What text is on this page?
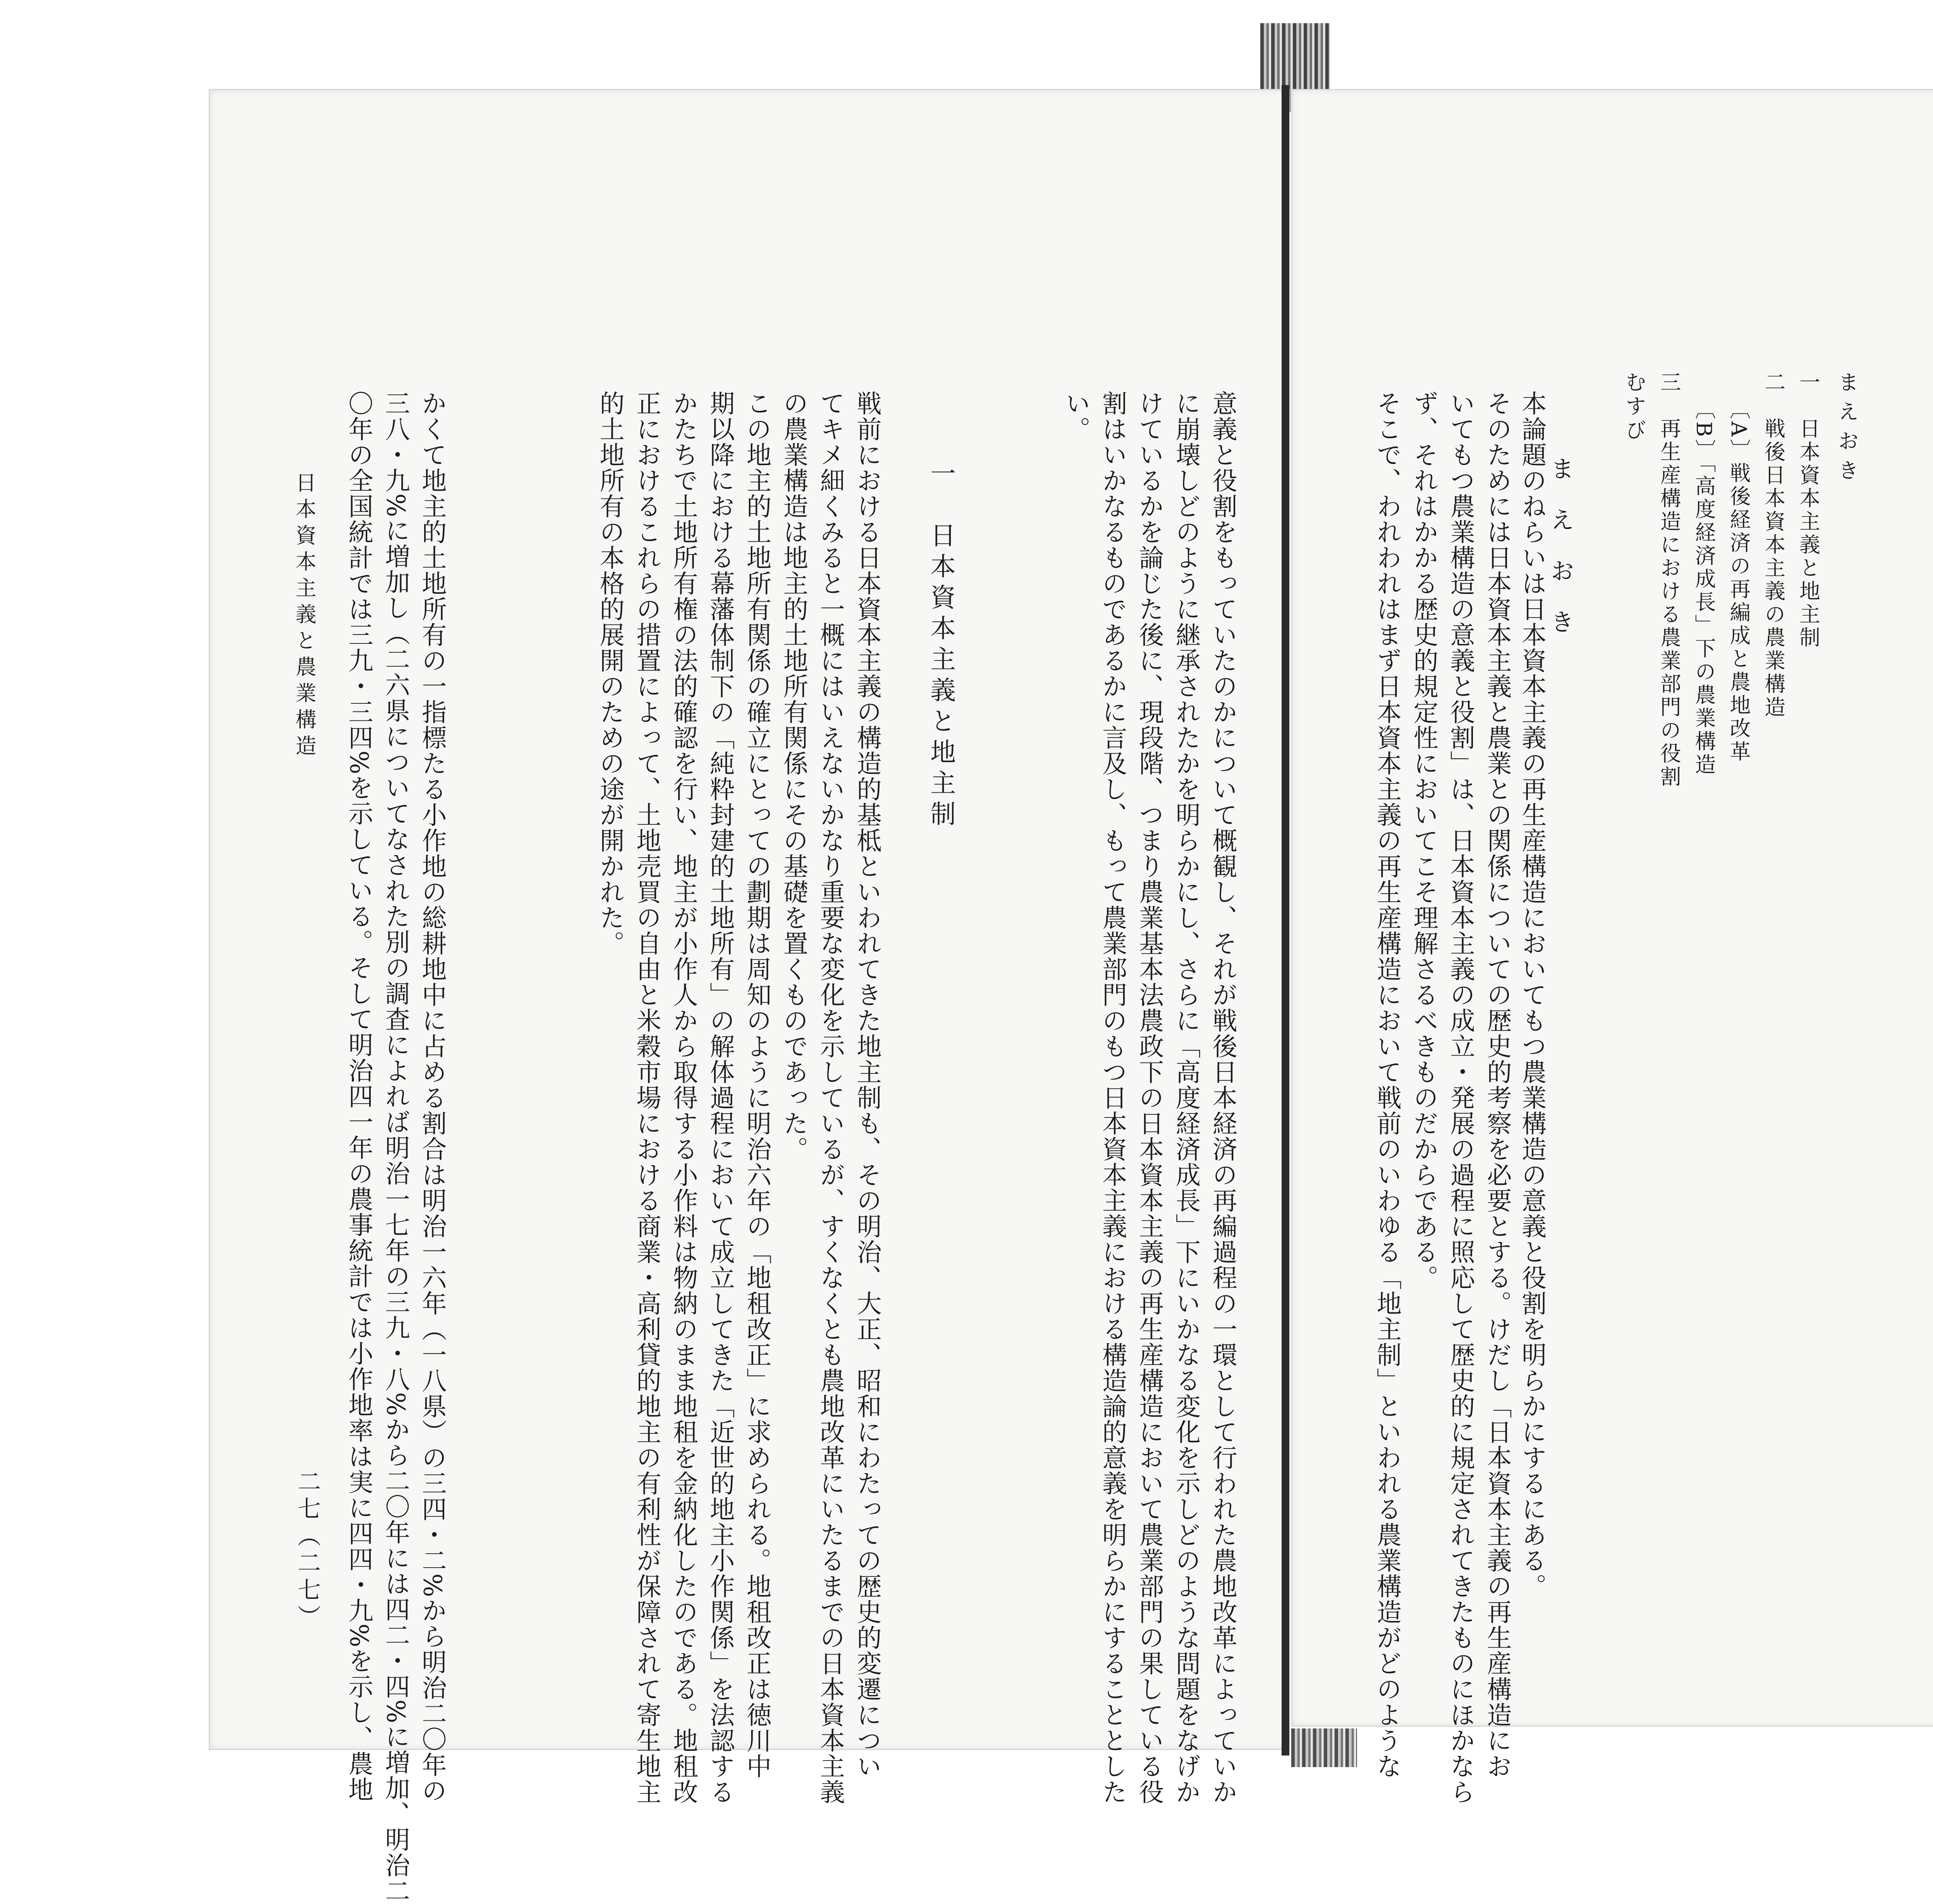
まえおき
一　日本資本主義と地主制
二　戦後日本資本主義の農業構造
〔A〕戦後経済の再編成と農地改革
〔B〕「高度経済成長」下の農業構造
三　再生産構造における農業部門の役割
むすび
まえおき
本論題のねらいは日本資本主義の再生産構造においてもつ農業構造の意義と役割を明らかにするにある。
そのためには日本資本主義と農業との関係についての歴史的考察を必要とする。けだし「日本資本主義の再生産構造にお
いてもつ農業構造の意義と役割」は、日本資本主義の成立・発展の過程に照応して歴史的に規定されてきたものにほかなら
ず、それはかかる歴史的規定性においてこそ理解さるべきものだからである。
そこで、われわれはまず日本資本主義の再生産構造において戦前のいわゆる「地主制」といわれる農業構造がどのような
意義と役割をもっていたのかについて概観し、それが戦後日本経済の再編過程の一環として行われた農地改革によっていか
に崩壊しどのように継承されたかを明らかにし、さらに「高度経済成長」下にいかなる変化を示しどのような問題をなげか
けているかを論じた後に、現段階、つまり農業基本法農政下の日本資本主義の再生産構造において農業部門の果している役
割はいかなるものであるかに言及し、もって農業部門のもつ日本資本主義における構造論的意義を明らかにすることとした
い。
一　日本資本主義と地主制
戦前における日本資本主義の構造的基柢といわれてきた地主制も、その明治、大正、昭和にわたっての歴史的変遷につい
てキメ細くみると一概にはいえないかなり重要な変化を示しているが、すくなくとも農地改革にいたるまでの日本資本主義
の農業構造は地主的土地所有関係にその基礎を置くものであった。
この地主的土地所有関係の確立にとっての劃期は周知のように明治六年の「地租改正」に求められる。地租改正は徳川中
期以降における幕藩体制下の「純粋封建的土地所有」の解体過程において成立してきた「近世的地主小作関係」を法認する
かたちで土地所有権の法的確認を行い、地主が小作人から取得する小作料は物納のまま地租を金納化したのである。地租改
正におけるこれらの措置によって、土地売買の自由と米穀市場における商業・高利貸的地主の有利性が保障されて寄生地主
的土地所有の本格的展開のための途が開かれた。
かくて地主的土地所有の一指標たる小作地の総耕地中に占める割合は明治一六年（一八県）の三四・二%から明治二〇年の
三八・九%に増加し（二六県についてなされた別の調査によれば明治一七年の三九・八%から二〇年には四二・四%に増加、明治二
〇年の全国統計では三九・三四%を示している。そして明治四一年の農事統計では小作地率は実に四四・九%を示し、農地
日本資本主義と農業構造
二七（二七）
